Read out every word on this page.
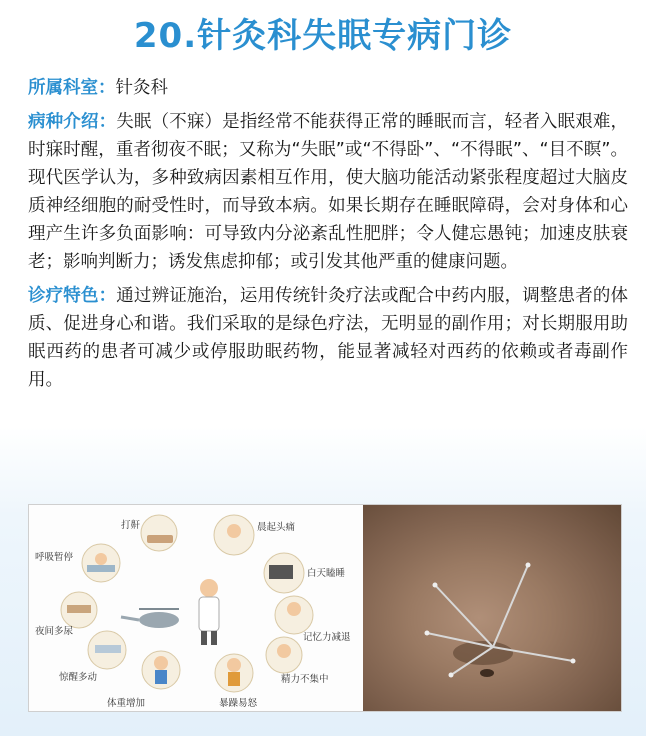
20.针灸科失眠专病门诊

所属科室：针灸科

病种介绍：失眠（不寐）是指经常不能获得正常的睡眠而言，轻者入眠艰难，时寐时醒，重者彻夜不眠；又称为“失眠”或“不得卧”、“不得眠”、“目不瞑”。现代医学认为，多种致病因素相互作用，使大脑功能活动紧张程度超过大脑皮质神经细胞的耐受性时，而导致本病。如果长期存在睡眠障碍，会对身体和心理产生许多负面影响：可导致内分泌紊乱性肥胖；令人健忘愚钝；加速皮肤衰老；影响判断力；诱发焦虑抑郁；或引发其他严重的健康问题。

诊疗特色：通过辨证施治，运用传统针灸疗法或配合中药内服，调整患者的体质、促进身心和谐。我们采取的是绿色疗法，无明显的副作用；对长期服用助眠西药的患者可减少或停服助眠药物，能显著减轻对西药的依赖或者毒副作用。

打鼾	晨起头痛
呼吸暂停
白天瞌睡
夜间多尿
记忆力减退
惊醒多动	精力不集中
体重增加	暴躁易怒
